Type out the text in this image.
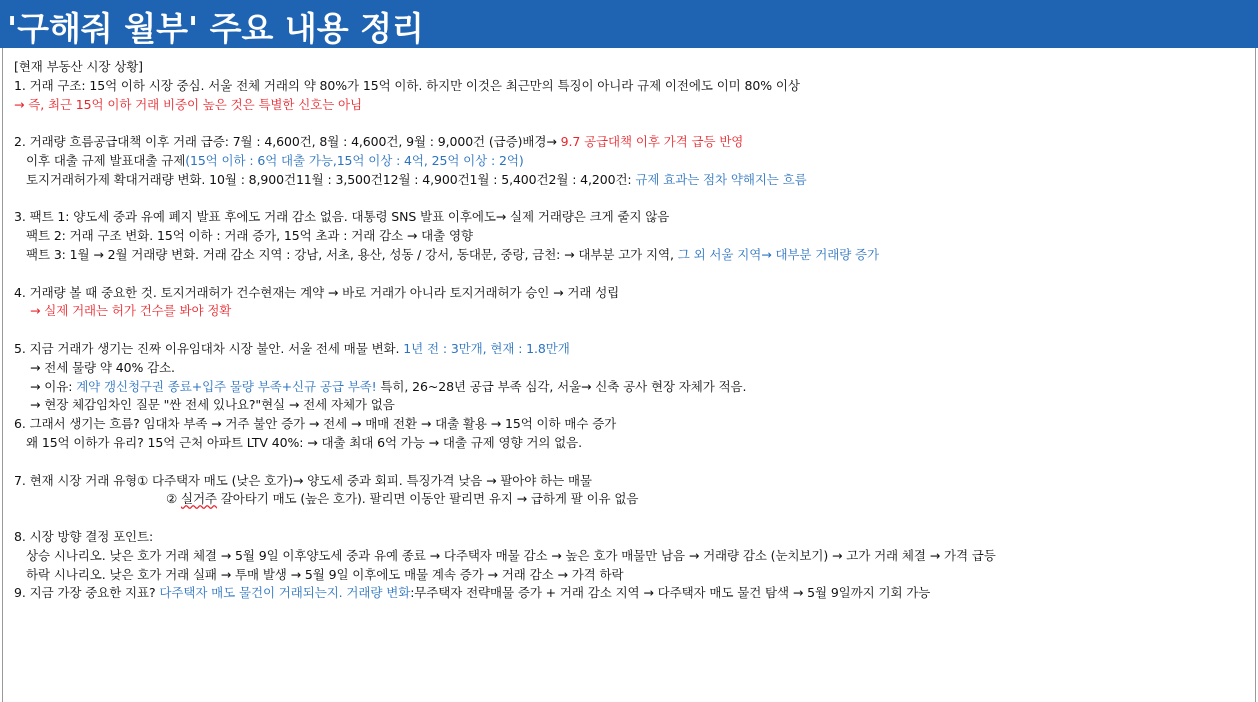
'구해줘 월부' 주요 내용 정리
[현재 부동산 시장 상황]
1. 거래 구조: 15억 이하 시장 중심. 서울 전체 거래의 약 80%가 15억 이하. 하지만 이것은 최근만의 특징이 아니라 규제 이전에도 이미 80% 이상
→ 즉, 최근 15억 이하 거래 비중이 높은 것은 특별한 신호는 아님
2. 거래량 흐름공급대책 이후 거래 급증: 7월 : 4,600건, 8월 : 4,600건, 9월 : 9,000건 (급증)배경→ 9.7 공급대책 이후 가격 급등 반영
이후 대출 규제 발표대출 규제(15억 이하 : 6억 대출 가능,15억 이상 : 4억, 25억 이상 : 2억)
토지거래허가제 확대거래량 변화. 10월 : 8,900건11월 : 3,500건12월 : 4,900건1월 : 5,400건2월 : 4,200건: 규제 효과는 점차 약해지는 흐름
3. 팩트 1: 양도세 중과 유예 폐지 발표 후에도 거래 감소 없음. 대통령 SNS 발표 이후에도→ 실제 거래량은 크게 줄지 않음
팩트 2: 거래 구조 변화. 15억 이하 : 거래 증가, 15억 초과 : 거래 감소 → 대출 영향
팩트 3: 1월 → 2월 거래량 변화. 거래 감소 지역 : 강남, 서초, 용산, 성동 / 강서, 동대문, 중랑, 금천: → 대부분 고가 지역, 그 외 서울 지역→ 대부분 거래량 증가
4. 거래량 볼 때 중요한 것. 토지거래허가 건수현재는 계약 → 바로 거래가 아니라 토지거래허가 승인 → 거래 성립
→ 실제 거래는 허가 건수를 봐야 정확
5. 지금 거래가 생기는 진짜 이유임대차 시장 불안. 서울 전세 매물 변화. 1년 전 : 3만개, 현재 : 1.8만개
→ 전세 물량 약 40% 감소.
→ 이유: 계약 갱신청구권 종료+입주 물량 부족+신규 공급 부족! 특히, 26~28년 공급 부족 심각, 서울→ 신축 공사 현장 자체가 적음.
→ 현장 체감임차인 질문 "싼 전세 있나요?"현실 → 전세 자체가 없음
6. 그래서 생기는 흐름? 임대차 부족 → 거주 불안 증가 → 전세 → 매매 전환 → 대출 활용 → 15억 이하 매수 증가
왜 15억 이하가 유리? 15억 근처 아파트 LTV 40%: → 대출 최대 6억 가능 → 대출 규제 영향 거의 없음.
7. 현재 시장 거래 유형① 다주택자 매도 (낮은 호가)→ 양도세 중과 회피. 특징가격 낮음 → 팔아야 하는 매물
② 실거주 갈아타기 매도 (높은 호가). 팔리면 이동안 팔리면 유지 → 급하게 팔 이유 없음
8. 시장 방향 결정 포인트:
상승 시나리오. 낮은 호가 거래 체결 → 5월 9일 이후양도세 중과 유예 종료 → 다주택자 매물 감소 → 높은 호가 매물만 남음 → 거래량 감소 (눈치보기) → 고가 거래 체결 → 가격 급등
하락 시나리오. 낮은 호가 거래 실패 → 투매 발생 → 5월 9일 이후에도 매물 계속 증가 → 거래 감소 → 가격 하락
9. 지금 가장 중요한 지표? 다주택자 매도 물건이 거래되는지. 거래량 변화:무주택자 전략매물 증가 + 거래 감소 지역 → 다주택자 매도 물건 탐색 → 5월 9일까지 기회 가능
